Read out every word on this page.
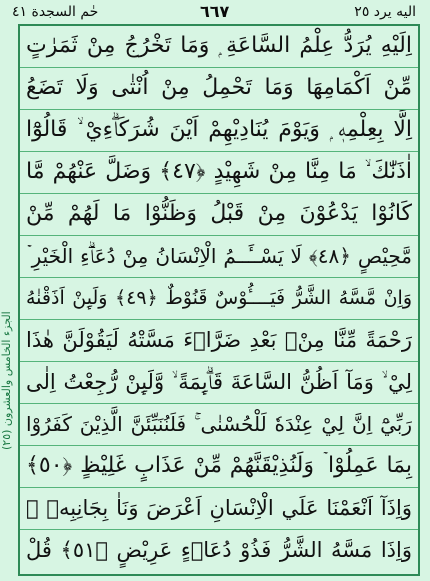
اليه يرد ٢٥
٦٦٧
حٰم السجدة ٤١
الجزء الخامس والعشرون (٢٥)
اِلَيْهِ يُرَدُّ عِلْمُ السَّاعَةِ ۭ وَمَا تَخْرُجُ مِنْ ثَمَرٰتٍ
مِّنْ اَكْمَامِهَا وَمَا تَحْمِلُ مِنْ اُنْثٰى وَلَا تَضَعُ
اِلَّا بِعِلْمِهٖ ۭ وَيَوْمَ يُنَادِيْهِمْ اَيْنَ شُرَكَاۗءِيْ ۙ قَالُوْٓا
اٰذَنّٰكَ ۙ مَا مِنَّا مِنْ شَهِيْدٍ ﴿٤٧﴾ وَضَلَّ عَنْهُمْ مَّا
كَانُوْا يَدْعُوْنَ مِنْ قَبْلُ وَظَنُّوْا مَا لَهُمْ مِّنْ
مَّحِيْصٍ ﴿٤٨﴾ لَا يَسْــَٔــمُ الْاِنْسَانُ مِنْ دُعَاۗءِ الْخَيْرِ ۡ
وَاِنْ مَّسَّهُ الشَّرُّ فَيَــــُٔوْسٌ قَنُوْطٌ ﴿٤٩﴾ وَلَىِٕنْ اَذَقْنٰهُ
رَحْمَةً مِّنَّا مِنْۢ بَعْدِ ضَرَّاۗءَ مَسَّتْهُ لَيَقُوْلَنَّ هٰذَا
لِيْ ۙ وَمَآ اَظُنُّ السَّاعَةَ قَاۗىِٕمَةً ۙ وَّلَىِٕنْ رُّجِعْتُ اِلٰى
رَبِّيْٓ اِنَّ لِيْ عِنْدَهٗ لَلْحُسْنٰى ۚ فَلَنُنَبِّئَنَّ الَّذِيْنَ كَفَرُوْا
بِمَا عَمِلُوْا ۡ وَلَنُذِيْقَنَّهُمْ مِّنْ عَذَابٍ غَلِيْظٍ ﴿٥٠﴾
وَاِذَآ اَنْعَمْنَا عَلَي الْاِنْسَانِ اَعْرَضَ وَنَاٰ بِجَانِبِهٖ ۚ
وَاِذَا مَسَّهُ الشَّرُّ فَذُوْ دُعَاۗءٍ عَرِيْضٍ ﴿٥١﴾ قُلْ
